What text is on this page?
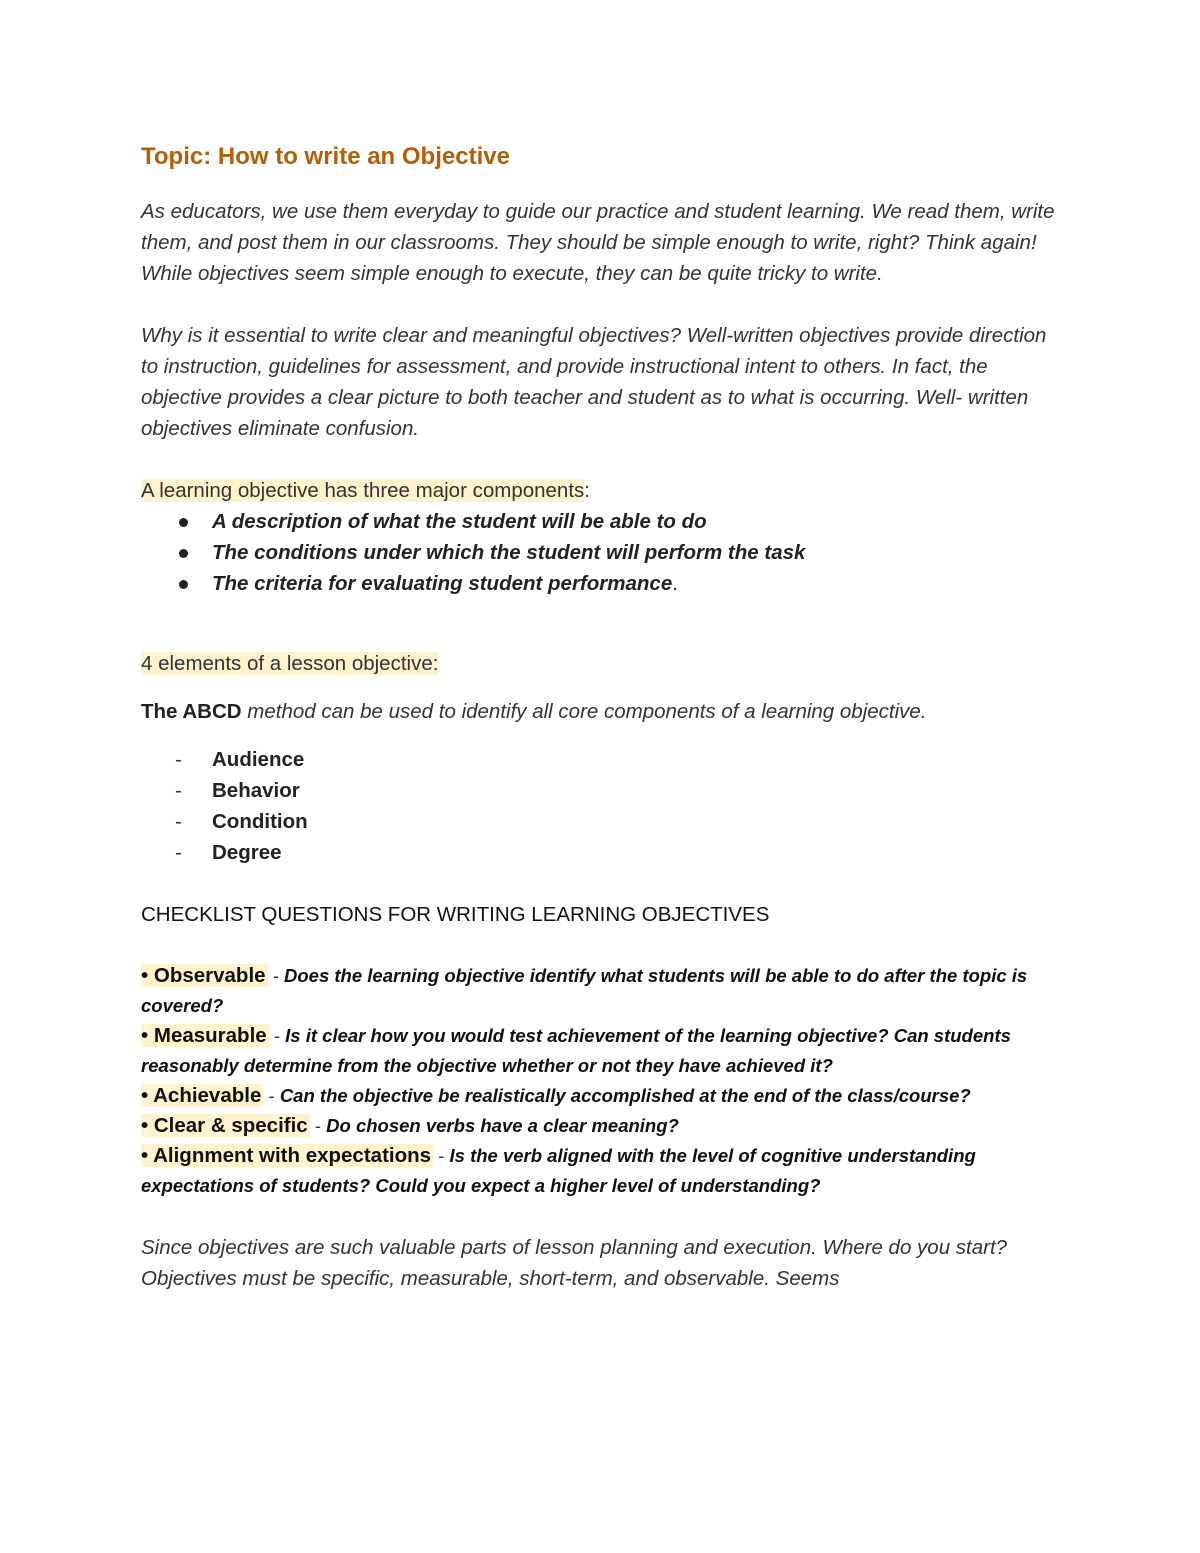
Topic: How to write an Objective

As educators, we use them everyday to guide our practice and student learning. We read them, write them, and post them in our classrooms. They should be simple enough to write, right? Think again! While objectives seem simple enough to execute, they can be quite tricky to write.

Why is it essential to write clear and meaningful objectives? Well-written objectives provide direction to instruction, guidelines for assessment, and provide instructional intent to others. In fact, the objective provides a clear picture to both teacher and student as to what is occurring. Well- written objectives eliminate confusion.

A learning objective has three major components:

A description of what the student will be able to do
The conditions under which the student will perform the task
The criteria for evaluating student performance.

4 elements of a lesson objective:

The ABCD method can be used to identify all core components of a learning objective.

- Audience
- Behavior
- Condition
- Degree

CHECKLIST QUESTIONS FOR WRITING LEARNING OBJECTIVES

• Observable - Does the learning objective identify what students will be able to do after the topic is covered?

• Measurable - Is it clear how you would test achievement of the learning objective? Can students reasonably determine from the objective whether or not they have achieved it?

• Achievable - Can the objective be realistically accomplished at the end of the class/course?

• Clear & specific - Do chosen verbs have a clear meaning?

• Alignment with expectations - Is the verb aligned with the level of cognitive understanding expectations of students? Could you expect a higher level of understanding?

Since objectives are such valuable parts of lesson planning and execution. Where do you start? Objectives must be specific, measurable, short-term, and observable. Seems
